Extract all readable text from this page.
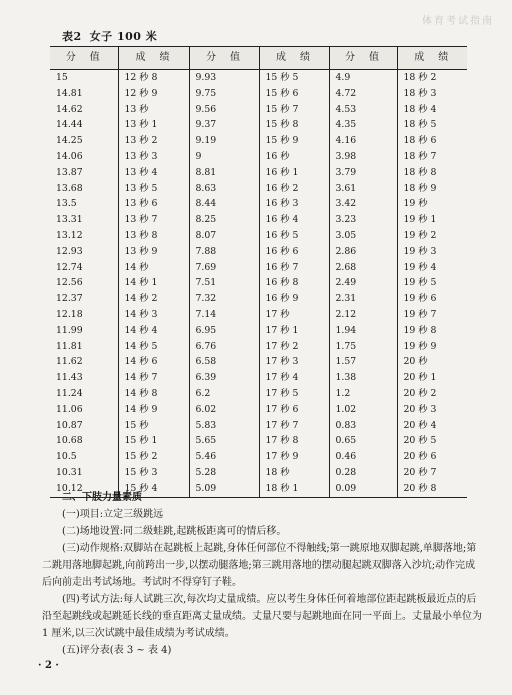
体育考试指南
表2 女子 100 米
分　值	成　绩	分　值	成　绩	分　值	成　绩
15	12 秒 8	9.93	15 秒 5	4.9	18 秒 2
14.81	12 秒 9	9.75	15 秒 6	4.72	18 秒 3
14.62	13 秒	9.56	15 秒 7	4.53	18 秒 4
14.44	13 秒 1	9.37	15 秒 8	4.35	18 秒 5
14.25	13 秒 2	9.19	15 秒 9	4.16	18 秒 6
14.06	13 秒 3	9	16 秒	3.98	18 秒 7
13.87	13 秒 4	8.81	16 秒 1	3.79	18 秒 8
13.68	13 秒 5	8.63	16 秒 2	3.61	18 秒 9
13.5	13 秒 6	8.44	16 秒 3	3.42	19 秒
13.31	13 秒 7	8.25	16 秒 4	3.23	19 秒 1
13.12	13 秒 8	8.07	16 秒 5	3.05	19 秒 2
12.93	13 秒 9	7.88	16 秒 6	2.86	19 秒 3
12.74	14 秒	7.69	16 秒 7	2.68	19 秒 4
12.56	14 秒 1	7.51	16 秒 8	2.49	19 秒 5
12.37	14 秒 2	7.32	16 秒 9	2.31	19 秒 6
12.18	14 秒 3	7.14	17 秒	2.12	19 秒 7
11.99	14 秒 4	6.95	17 秒 1	1.94	19 秒 8
11.81	14 秒 5	6.76	17 秒 2	1.75	19 秒 9
11.62	14 秒 6	6.58	17 秒 3	1.57	20 秒
11.43	14 秒 7	6.39	17 秒 4	1.38	20 秒 1
11.24	14 秒 8	6.2	17 秒 5	1.2	20 秒 2
11.06	14 秒 9	6.02	17 秒 6	1.02	20 秒 3
10.87	15 秒	5.83	17 秒 7	0.83	20 秒 4
10.68	15 秒 1	5.65	17 秒 8	0.65	20 秒 5
10.5	15 秒 2	5.46	17 秒 9	0.46	20 秒 6
10.31	15 秒 3	5.28	18 秒	0.28	20 秒 7
10.12	15 秒 4	5.09	18 秒 1	0.09	20 秒 8

二、下肢力量素质

(一)项目:立定三级跳远

(二)场地设置:同二级蛙跳,起跳板距离可的情后移。

(三)动作规格:双脚站在起跳板上起跳,身体任何部位不得触线;第一跳原地双脚起跳,单脚落地;第二跳用落地脚起跳,向前跨出一步,以摆动腿落地;第三跳用落地的摆动腿起跳双脚落入沙坑;动作完成后向前走出考试场地。考试时不得穿钉子鞋。

(四)考试方法:每人试跳三次,每次均丈量成绩。应以考生身体任何着地部位距起跳板最近点的后沿至起跳线或起跳延长线的垂直距离丈量成绩。丈量尺要与起跳地面在同一平面上。丈量最小单位为 1 厘米,以三次试跳中最佳成绩为考试成绩。

(五)评分表(表 3 ~ 表 4)

· 2 ·
